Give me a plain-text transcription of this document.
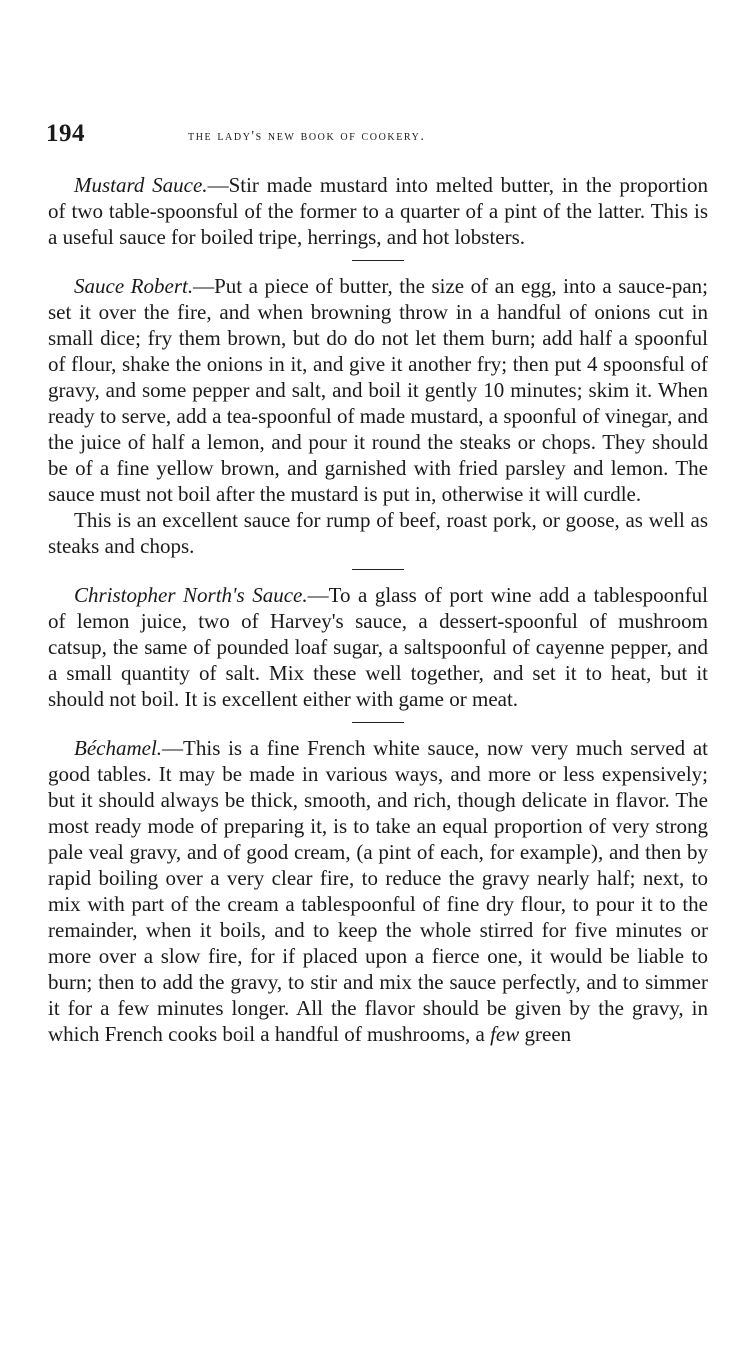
194	the lady's new book of cookery.

Mustard Sauce.—Stir made mustard into melted butter, in the proportion of two table-spoonsful of the former to a quarter of a pint of the latter. This is a useful sauce for boiled tripe, herrings, and hot lobsters.

Sauce Robert.—Put a piece of butter, the size of an egg, into a sauce-pan; set it over the fire, and when browning throw in a handful of onions cut in small dice; fry them brown, but do do not let them burn; add half a spoonful of flour, shake the onions in it, and give it another fry; then put 4 spoonsful of gravy, and some pepper and salt, and boil it gently 10 minutes; skim it. When ready to serve, add a tea-spoonful of made mustard, a spoonful of vinegar, and the juice of half a lemon, and pour it round the steaks or chops. They should be of a fine yellow brown, and garnished with fried parsley and lemon. The sauce must not boil after the mustard is put in, otherwise it will curdle.

This is an excellent sauce for rump of beef, roast pork, or goose, as well as steaks and chops.

Christopher North's Sauce.—To a glass of port wine add a tablespoonful of lemon juice, two of Harvey's sauce, a dessert-spoonful of mushroom catsup, the same of pounded loaf sugar, a saltspoonful of cayenne pepper, and a small quantity of salt. Mix these well together, and set it to heat, but it should not boil. It is excellent either with game or meat.

Béchamel.—This is a fine French white sauce, now very much served at good tables. It may be made in various ways, and more or less expensively; but it should always be thick, smooth, and rich, though delicate in flavor. The most ready mode of preparing it, is to take an equal proportion of very strong pale veal gravy, and of good cream, (a pint of each, for example), and then by rapid boiling over a very clear fire, to reduce the gravy nearly half; next, to mix with part of the cream a tablespoonful of fine dry flour, to pour it to the remainder, when it boils, and to keep the whole stirred for five minutes or more over a slow fire, for if placed upon a fierce one, it would be liable to burn; then to add the gravy, to stir and mix the sauce perfectly, and to simmer it for a few minutes longer. All the flavor should be given by the gravy, in which French cooks boil a handful of mushrooms, a few green
